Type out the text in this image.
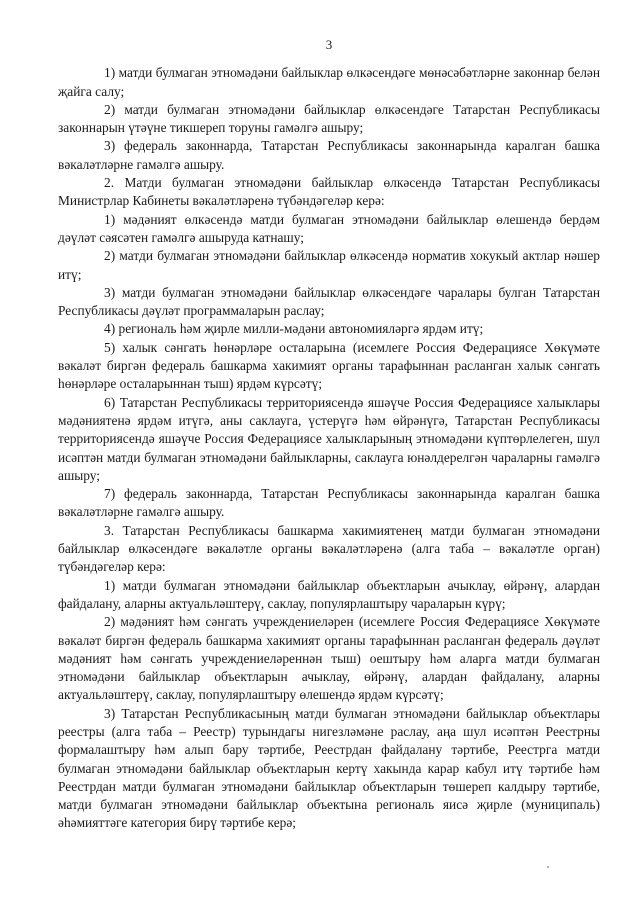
3

1) матди булмаган этномәдәни байлыклар өлкәсендәге мөнәсәбәтләрне законнар белән җайга салу;

2) матди булмаган этномәдәни байлыклар өлкәсендәге Татарстан Республикасы законнарын үтәүне тикшереп торуны гамәлгә ашыру;

3) федераль законнарда, Татарстан Республикасы законнарында каралган башка вәкаләтләрне гамәлгә ашыру.

2. Матди булмаган этномәдәни байлыклар өлкәсендә Татарстан Республикасы Министрлар Кабинеты вәкаләтләренә түбәндәгеләр керә:

1) мәдәният өлкәсендә матди булмаган этномәдәни байлыклар өлешендә бердәм дәүләт сәясәтен гамәлгә ашыруда катнашу;

2) матди булмаган этномәдәни байлыклар өлкәсендә норматив хокукый актлар нәшер итү;

3) матди булмаган этномәдәни байлыклар өлкәсендәге чаралары булган Татарстан Республикасы дәүләт программаларын раслау;

4) региональ һәм җирле милли-мәдәни автономияләргә ярдәм итү;

5) халык сәнгать һөнәрләре осталарына (исемлеге Россия Федерациясе Хөкүмәте вәкаләт биргән федераль башкарма хакимият органы тарафыннан расланган халык сәнгать һөнәрләре осталарыннан тыш) ярдәм күрсәтү;

6) Татарстан Республикасы территориясендә яшәүче Россия Федерациясе халыклары мәдәниятенә ярдәм итүгә, аны саклауга, үстерүгә һәм өйрәнүгә, Татарстан Республикасы территориясендә яшәүче Россия Федерациясе халыкларының этномәдәни күптөрлелеген, шул исәптән матди булмаган этномәдәни байлыкларны, саклауга юнәлдерелгән чараларны гамәлгә ашыру;

7) федераль законнарда, Татарстан Республикасы законнарында каралган башка вәкаләтләрне гамәлгә ашыру.

3. Татарстан Республикасы башкарма хакимиятенең матди булмаган этномәдәни байлыклар өлкәсендәге вәкаләтле органы вәкаләтләренә (алга таба – вәкаләтле орган) түбәндәгеләр керә:

1) матди булмаган этномәдәни байлыклар объектларын ачыклау, өйрәнү, алардан файдалану, аларны актуальләштерү, саклау, популярлаштыру чараларын күрү;

2) мәдәният һәм сәнгать учреждениеләрен (исемлеге Россия Федерациясе Хөкүмәте вәкаләт биргән федераль башкарма хакимият органы тарафыннан расланган федераль дәүләт мәдәният һәм сәнгать учреждениеләреннән тыш) оештыру һәм аларга матди булмаган этномәдәни байлыклар объектларын ачыклау, өйрәнү, алардан файдалану, аларны актуальләштерү, саклау, популярлаштыру өлешендә ярдәм күрсәтү;

3) Татарстан Республикасының матди булмаган этномәдәни байлыклар объектлары реестры (алга таба – Реестр) турындагы нигезләмәне раслау, аңа шул исәптән Реестрны формалаштыру һәм алып бару тәртибе, Реестрдан файдалану тәртибе, Реестрга матди булмаган этномәдәни байлыклар объектларын кертү хакында карар кабул итү тәртибе һәм Реестрдан матди булмаган этномәдәни байлыклар объектларын төшереп калдыру тәртибе, матди булмаган этномәдәни байлыклар объектына региональ яисә җирле (муниципаль) әһәмияттәге категория бирү тәртибе керә;
